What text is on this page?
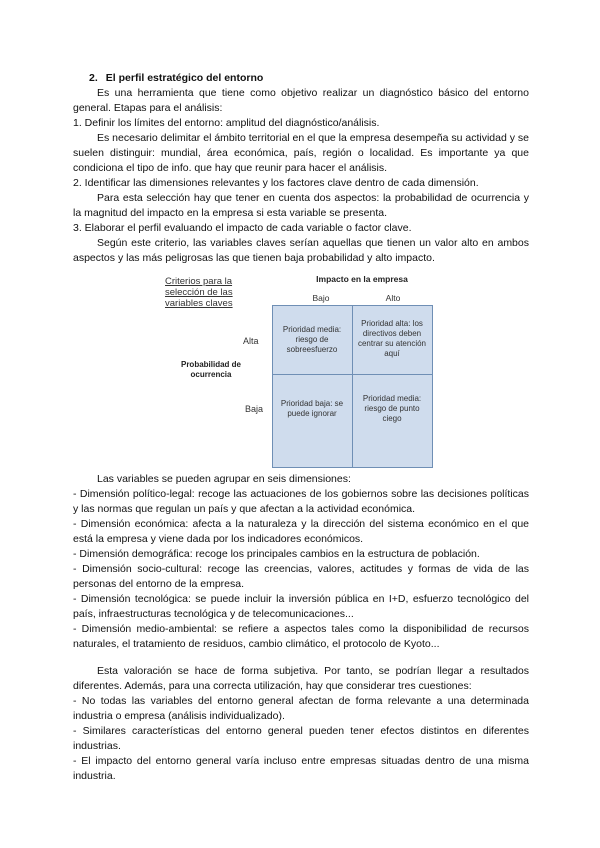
2. El perfil estratégico del entorno

Es una herramienta que tiene como objetivo realizar un diagnóstico básico del entorno general. Etapas para el análisis:

1. Definir los límites del entorno: amplitud del diagnóstico/análisis.

Es necesario delimitar el ámbito territorial en el que la empresa desempeña su actividad y se suelen distinguir: mundial, área económica, país, región o localidad. Es importante ya que condiciona el tipo de info. que hay que reunir para hacer el análisis.

2. Identificar las dimensiones relevantes y los factores clave dentro de cada dimensión.

Para esta selección hay que tener en cuenta dos aspectos: la probabilidad de ocurrencia y la magnitud del impacto en la empresa si esta variable se presenta.

3. Elaborar el perfil evaluando el impacto de cada variable o factor clave.

Según este criterio, las variables claves serían aquellas que tienen un valor alto en ambos aspectos y las más peligrosas las que tienen baja probabilidad y alto impacto.

Criterios para la selección de las variables claves
Impacto en la empresa
Bajo	Alto
Alta
Baja
Probabilidad de ocurrencia
Prioridad media: riesgo de sobreesfuerzo
Prioridad alta: los directivos deben centrar su atención aquí
Prioridad baja: se puede ignorar
Prioridad media: riesgo de punto ciego

Las variables se pueden agrupar en seis dimensiones:

- Dimensión político-legal: recoge las actuaciones de los gobiernos sobre las decisiones políticas y las normas que regulan un país y que afectan a la actividad económica.

- Dimensión económica: afecta a la naturaleza y la dirección del sistema económico en el que está la empresa y viene dada por los indicadores económicos.

- Dimensión demográfica: recoge los principales cambios en la estructura de población.

- Dimensión socio-cultural: recoge las creencias, valores, actitudes y formas de vida de las personas del entorno de la empresa.

- Dimensión tecnológica: se puede incluir la inversión pública en I+D, esfuerzo tecnológico del país, infraestructuras tecnológica y de telecomunicaciones...

- Dimensión medio-ambiental: se refiere a aspectos tales como la disponibilidad de recursos naturales, el tratamiento de residuos, cambio climático, el protocolo de Kyoto...

Esta valoración se hace de forma subjetiva. Por tanto, se podrían llegar a resultados diferentes. Además, para una correcta utilización, hay que considerar tres cuestiones:

- No todas las variables del entorno general afectan de forma relevante a una determinada industria o empresa (análisis individualizado).

- Similares características del entorno general pueden tener efectos distintos en diferentes industrias.

- El impacto del entorno general varía incluso entre empresas situadas dentro de una misma industria.
